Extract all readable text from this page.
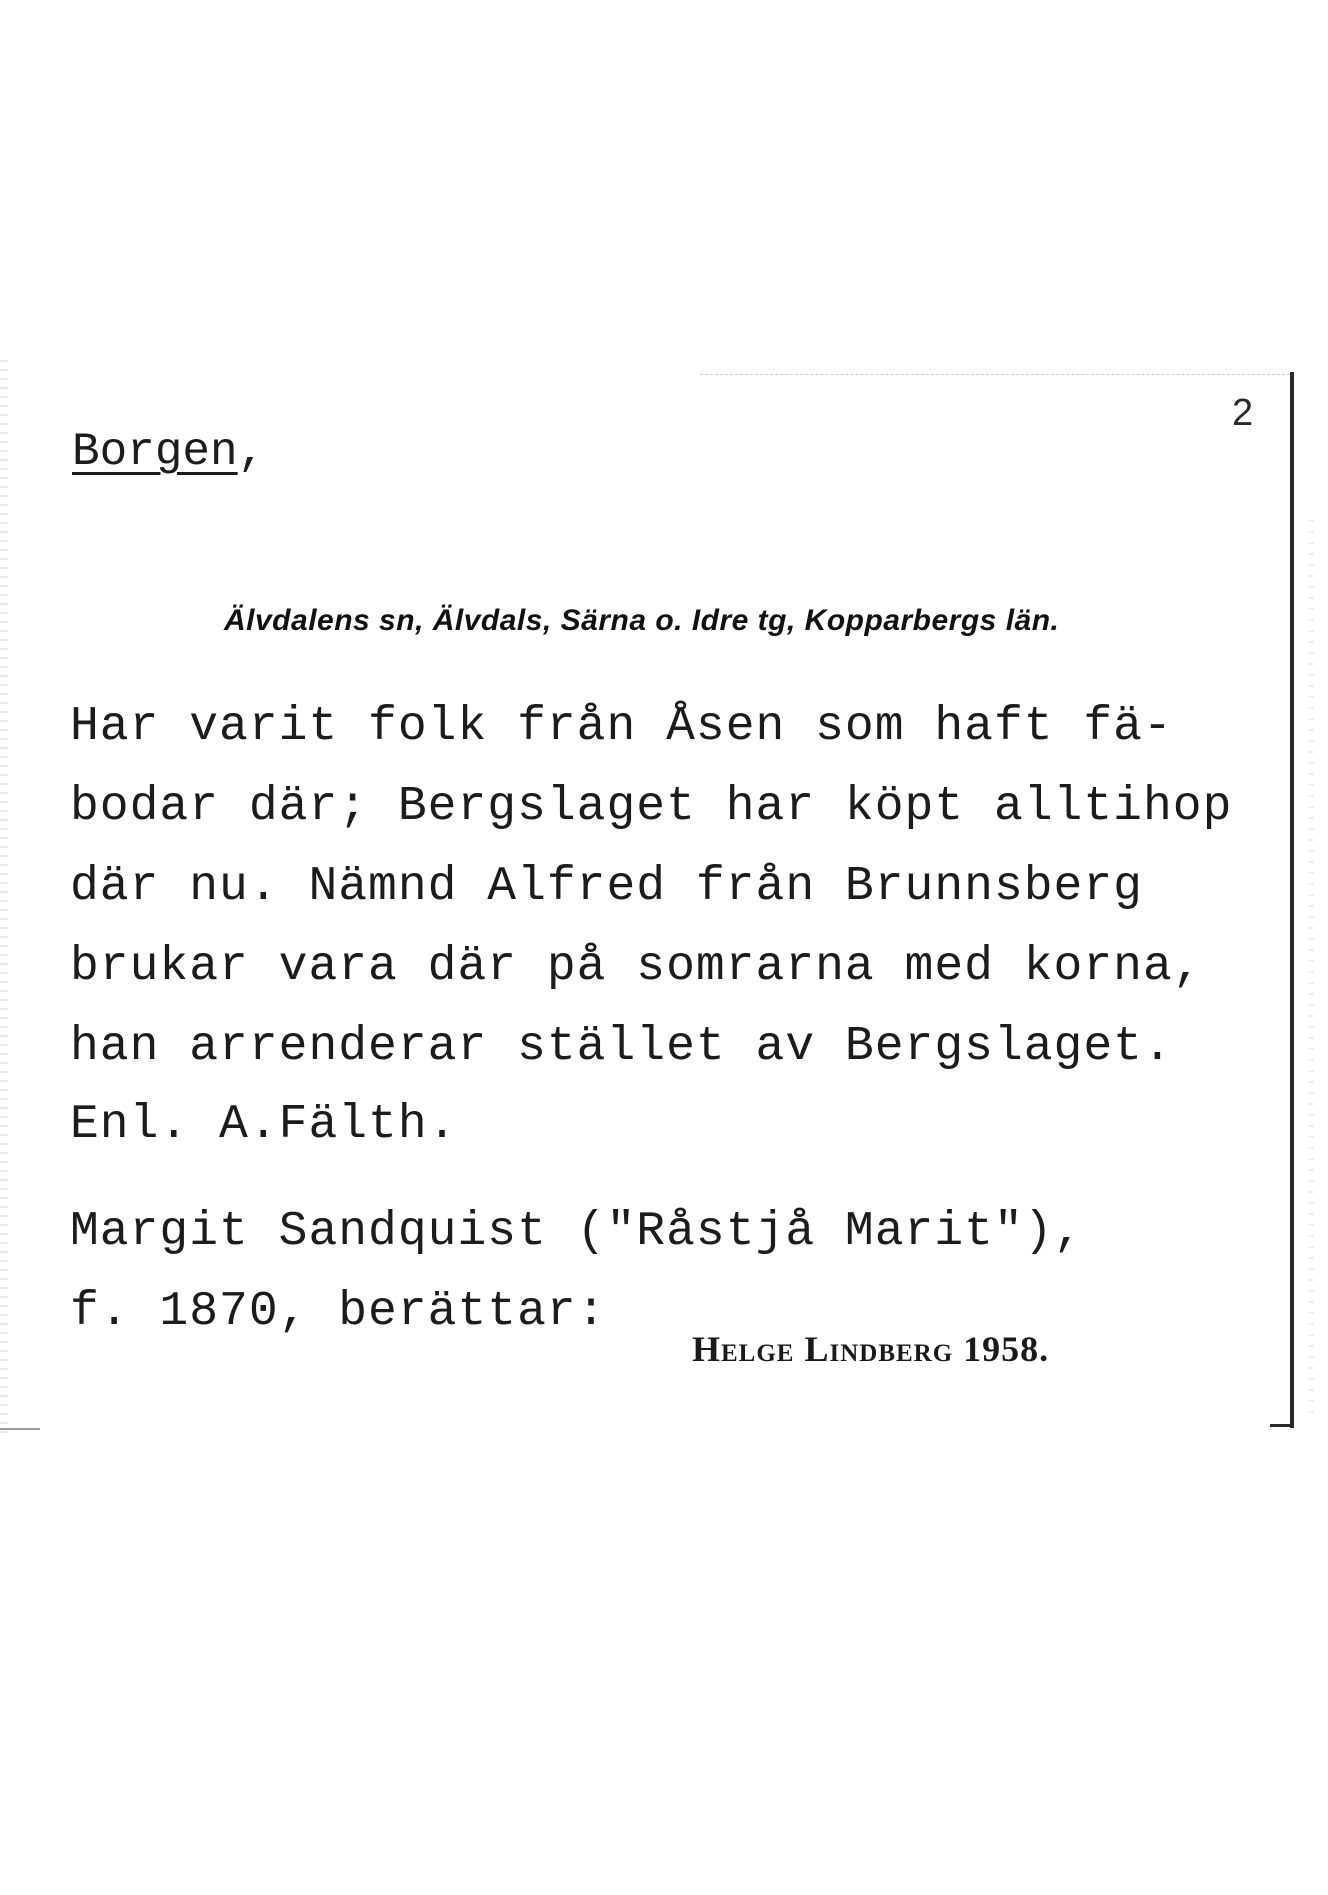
2
Borgen,
Älvdalens sn, Älvdals, Särna o. Idre tg, Kopparbergs län.
Har varit folk från Åsen som haft fä-
bodar där; Bergslaget har köpt alltihop
där nu. Nämnd Alfred från Brunnsberg
brukar vara där på somrarna med korna,
han arrenderar stället av Bergslaget.
Enl. A.Fälth.
Margit Sandquist ("Råstjå Marit"),
f. 1870, berättar:
Helge Lindberg 1958.
